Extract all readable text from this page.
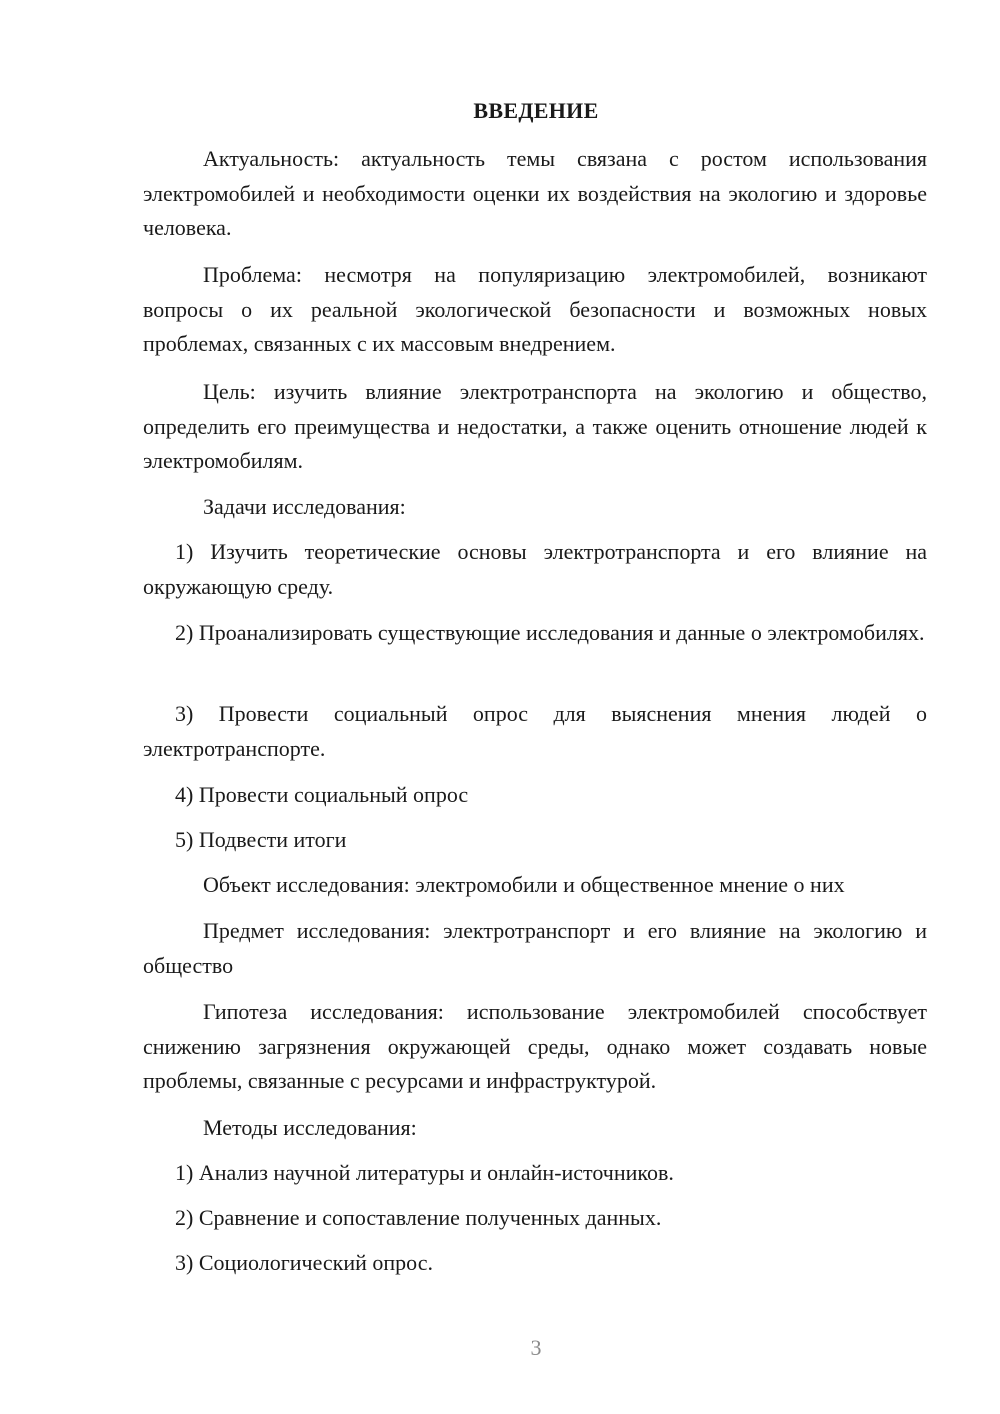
ВВЕДЕНИЕ

Актуальность: актуальность темы связана с ростом использования электромобилей и необходимости оценки их воздействия на экологию и здоровье человека.

Проблема: несмотря на популяризацию электромобилей, возникают вопросы о их реальной экологической безопасности и возможных новых проблемах, связанных с их массовым внедрением.

Цель: изучить влияние электротранспорта на экологию и общество, определить его преимущества и недостатки, а также оценить отношение людей к электромобилям.

Задачи исследования:

1) Изучить теоретические основы электротранспорта и его влияние на окружающую среду.

2) Проанализировать существующие исследования и данные о электромобилях.

3) Провести социальный опрос для выяснения мнения людей о электротранспорте.

4) Провести социальный опрос

5) Подвести итоги

Объект исследования: электромобили и общественное мнение о них

Предмет исследования: электротранспорт и его влияние на экологию и общество

Гипотеза исследования: использование электромобилей способствует снижению загрязнения окружающей среды, однако может создавать новые проблемы, связанные с ресурсами и инфраструктурой.

Методы исследования:

1) Анализ научной литературы и онлайн-источников.

2) Сравнение и сопоставление полученных данных.

3) Социологический опрос.

3
